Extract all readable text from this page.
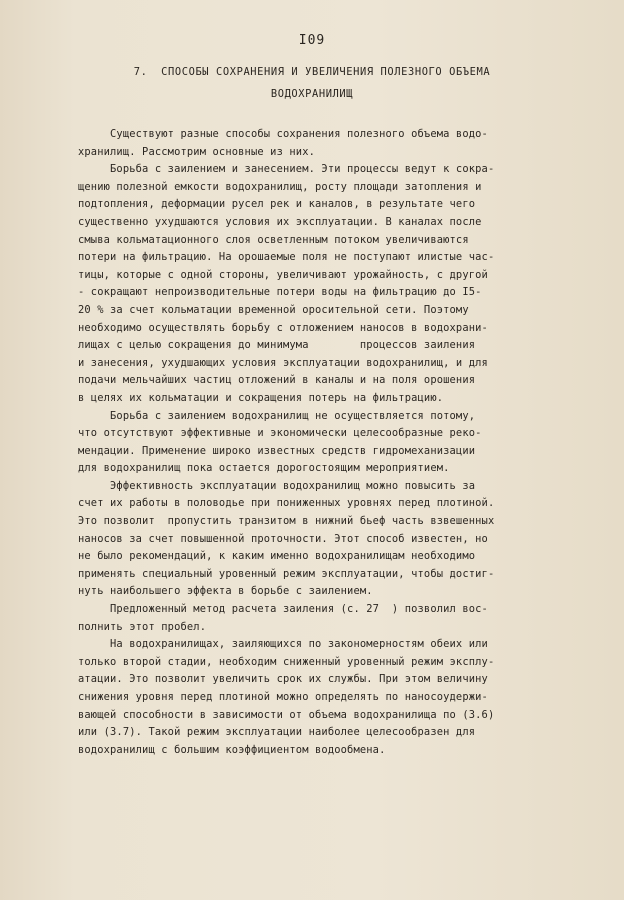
I09
7.  СПОСОБЫ СОХРАНЕНИЯ И УВЕЛИЧЕНИЯ ПОЛЕЗНОГО ОБЪЕМА
ВОДОХРАНИЛИЩ
Существуют разные способы сохранения полезного объема водо-
хранилищ. Рассмотрим основные из них.
Борьба с заилением и занесением. Эти процессы ведут к сокра-
щению полезной емкости водохранилищ, росту площади затопления и
подтопления, деформации русел рек и каналов, в результате чего
существенно ухудшаются условия их эксплуатации. В каналах после
смыва кольматационного слоя осветленным потоком увеличиваются
потери на фильтрацию. На орошаемые поля не поступают илистые час-
тицы, которые с одной стороны, увеличивают урожайность, с другой
- сокращают непроизводительные потери воды на фильтрацию до I5-
20 % за счет кольматации временной оросительной сети. Поэтому
необходимо осуществлять борьбу с отложением наносов в водохрани-
лищах с целью сокращения до минимума        процессов заиления
и занесения, ухудшающих условия эксплуатации водохранилищ, и для
подачи мельчайших частиц отложений в каналы и на поля орошения
в целях их кольматации и сокращения потерь на фильтрацию.
Борьба с заилением водохранилищ не осуществляется потому,
что отсутствуют эффективные и экономически целесообразные реко-
мендации. Применение широко известных средств гидромеханизации
для водохранилищ пока остается дорогостоящим мероприятием.
Эффективность эксплуатации водохранилищ можно повысить за
счет их работы в половодье при пониженных уровнях перед плотиной.
Это позволит  пропустить транзитом в нижний бьеф часть взвешенных
наносов за счет повышенной проточности. Этот способ известен, но
не было рекомендаций, к каким именно водохранилищам необходимо
применять специальный уровенный режим эксплуатации, чтобы достиг-
нуть наибольшего эффекта в борьбе с заилением.
Предложенный метод расчета заиления (с. 27  ) позволил вос-
полнить этот пробел.
На водохранилищах, заиляющихся по закономерностям обеих или
только второй стадии, необходим сниженный уровенный режим эксплу-
атации. Это позволит увеличить срок их службы. При этом величину
снижения уровня перед плотиной можно определять по наносоудержи-
вающей способности в зависимости от объема водохранилища по (3.6)
или (3.7). Такой режим эксплуатации наиболее целесообразен для
водохранилищ с большим коэффициентом водообмена.
